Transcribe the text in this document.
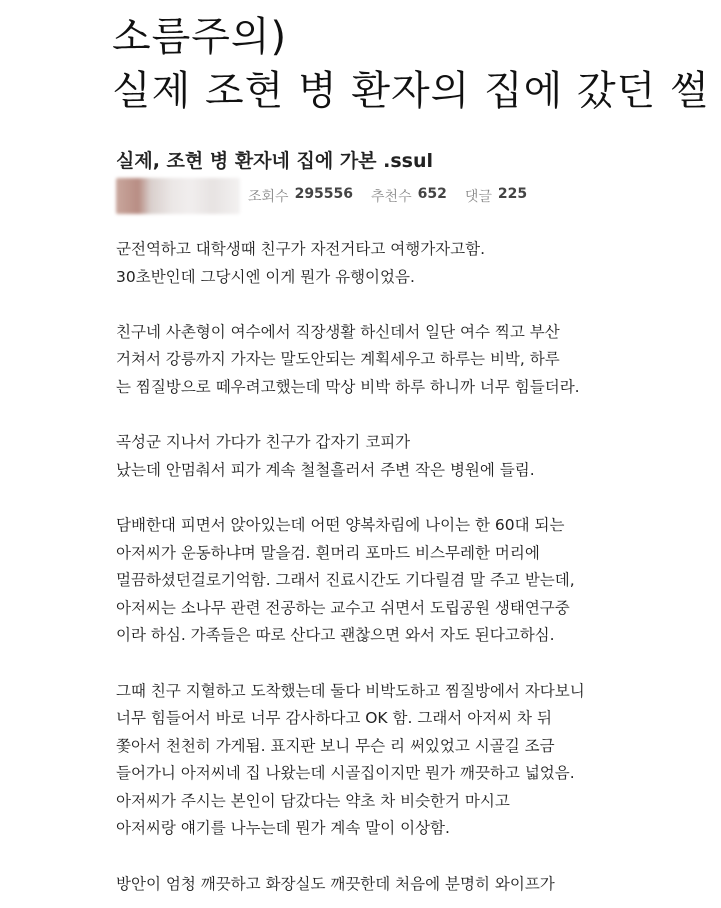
소름주의)
실제 조현 병 환자의 집에 갔던 썰
실제, 조현 병 환자네 집에 가본 .ssul
조회수 295556 추천수 652 댓글 225
군전역하고 대학생때 친구가 자전거타고 여행가자고함.
30초반인데 그당시엔 이게 뭔가 유행이었음.
친구네 사촌형이 여수에서 직장생활 하신데서 일단 여수 찍고 부산
거쳐서 강릉까지 가자는 말도안되는 계획세우고 하루는 비박, 하루
는 찜질방으로 떼우려고했는데 막상 비박 하루 하니까 너무 힘들더라.
곡성군 지나서 가다가 친구가 갑자기 코피가
났는데 안멈춰서 피가 계속 철철흘러서 주변 작은 병원에 들림.
담배한대 피면서 앉아있는데 어떤 양복차림에 나이는 한 60대 되는
아저씨가 운동하냐며 말을검. 흰머리 포마드 비스무레한 머리에
멀끔하셨던걸로기억함. 그래서 진료시간도 기다릴겸 말 주고 받는데,
아저씨는 소나무 관련 전공하는 교수고 쉬면서 도립공원 생태연구중
이라 하심. 가족들은 따로 산다고 괜찮으면 와서 자도 된다고하심.
그때 친구 지혈하고 도착했는데 둘다 비박도하고 찜질방에서 자다보니
너무 힘들어서 바로 너무 감사하다고 OK 함. 그래서 아저씨 차 뒤
쫓아서 천천히 가게됨. 표지판 보니 무슨 리 써있었고 시골길 조금
들어가니 아저씨네 집 나왔는데 시골집이지만 뭔가 깨끗하고 넓었음.
아저씨가 주시는 본인이 담갔다는 약초 차 비슷한거 마시고
아저씨랑 얘기를 나누는데 뭔가 계속 말이 이상함.
방안이 엄청 깨끗하고 화장실도 깨끗한데 처음에 분명히 와이프가
